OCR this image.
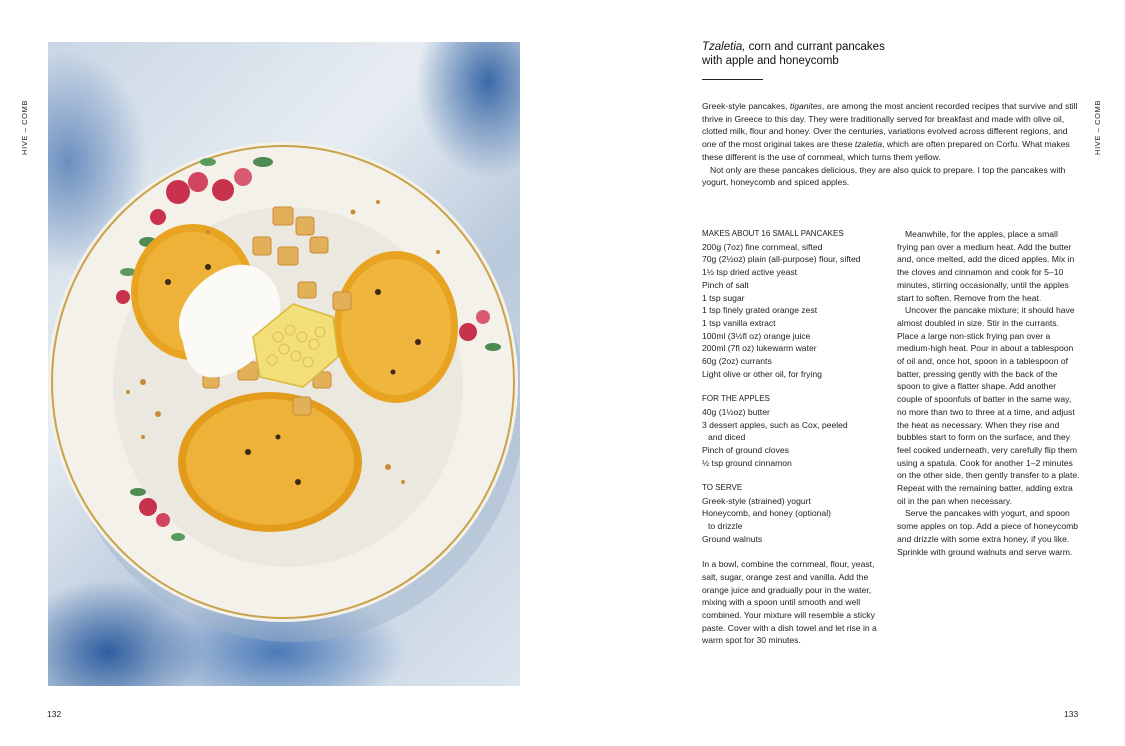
HIVE – COMB
132
Tzaletia, corn and currant pancakes
with apple and honeycomb
HIVE – COMB

Greek-style pancakes, tiganites, are among the most ancient recorded recipes that survive and still thrive in Greece to this day. They were traditionally served for breakfast and made with olive oil, clotted milk, flour and honey. Over the centuries, variations evolved across different regions, and one of the most original takes are these tzaletia, which are often prepared on Corfu. What makes these different is the use of cornmeal, which turns them yellow.

Not only are these pancakes delicious, they are also quick to prepare. I top the pancakes with yogurt, honeycomb and spiced apples.

MAKES ABOUT 16 SMALL PANCAKES
200g (7oz) fine cornmeal, sifted
70g (2½oz) plain (all-purpose) flour, sifted
1½ tsp dried active yeast
Pinch of salt
1 tsp sugar
1 tsp finely grated orange zest
1 tsp vanilla extract
100ml (3½fl oz) orange juice
200ml (7fl oz) lukewarm water
60g (2oz) currants
Light olive or other oil, for frying
FOR THE APPLES
40g (1½oz) butter
3 dessert apples, such as Cox, peeled
and diced
Pinch of ground cloves
½ tsp ground cinnamon
TO SERVE
Greek-style (strained) yogurt
Honeycomb, and honey (optional)
to drizzle
Ground walnuts

In a bowl, combine the cornmeal, flour, yeast, salt, sugar, orange zest and vanilla. Add the orange juice and gradually pour in the water, mixing with a spoon until smooth and well combined. Your mixture will resemble a sticky paste. Cover with a dish towel and let rise in a warm spot for 30 minutes.

Meanwhile, for the apples, place a small frying pan over a medium heat. Add the butter and, once melted, add the diced apples. Mix in the cloves and cinnamon and cook for 5–10 minutes, stirring occasionally, until the apples start to soften. Remove from the heat.

Uncover the pancake mixture; it should have almost doubled in size. Stir in the currants. Place a large non-stick frying pan over a medium-high heat. Pour in about a tablespoon of oil and, once hot, spoon in a tablespoon of batter, pressing gently with the back of the spoon to give a flatter shape. Add another couple of spoonfuls of batter in the same way, no more than two to three at a time, and adjust the heat as necessary. When they rise and bubbles start to form on the surface, and they feel cooked underneath, very carefully flip them using a spatula. Cook for another 1–2 minutes on the other side, then gently transfer to a plate. Repeat with the remaining batter, adding extra oil in the pan when necessary.

Serve the pancakes with yogurt, and spoon some apples on top. Add a piece of honeycomb and drizzle with some extra honey, if you like. Sprinkle with ground walnuts and serve warm.

133
